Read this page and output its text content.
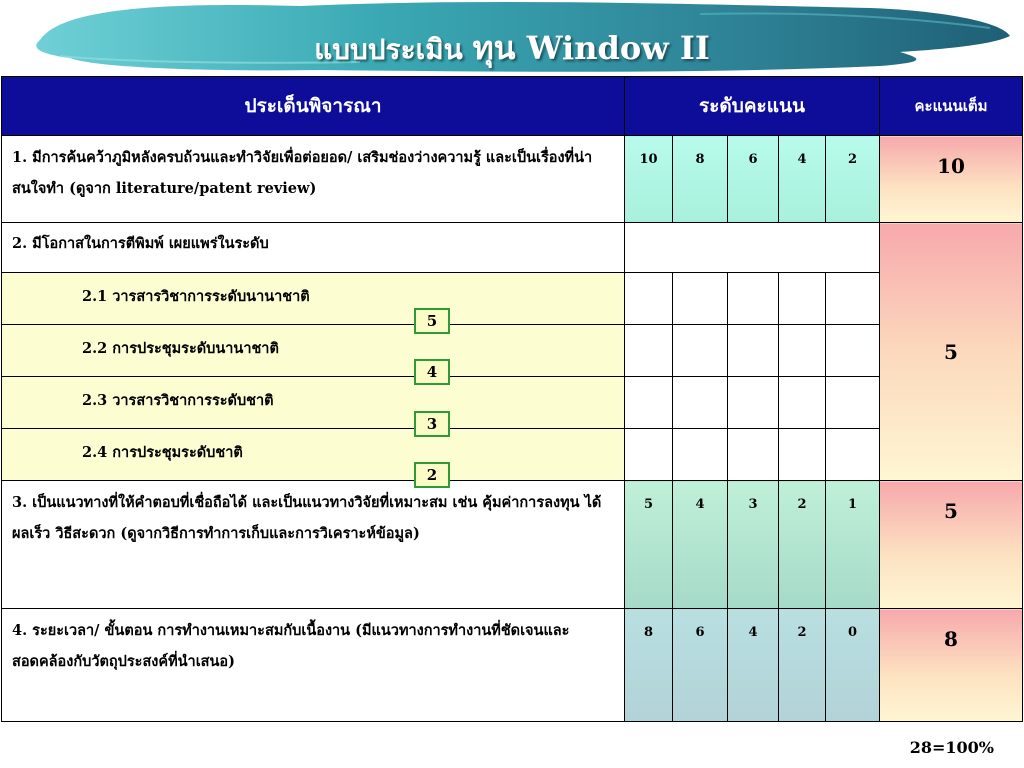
แบบประเมิน ทุน Window II
ประเด็นพิจารณา	ระดับคะแนน					คะแนนเต็ม
1. มีการค้นคว้าภูมิหลังครบถ้วนและทำวิจัยเพื่อต่อยอด/ เสริมช่องว่างความรู้ และเป็นเรื่องที่น่าสนใจทำ (ดูจาก literature/patent review)	10	8	6	4	2	10
2. มีโอกาสในการตีพิมพ์ เผยแพร่ในระดับ						5
2.1 วารสารวิชาการระดับนานาชาติ						
2.2 การประชุมระดับนานาชาติ						
2.3 วารสารวิชาการระดับชาติ						
2.4 การประชุมระดับชาติ						
3. เป็นแนวทางที่ให้คำตอบที่เชื่อถือได้ และเป็นแนวทางวิจัยที่เหมาะสม เช่น คุ้มค่าการลงทุน ได้ผลเร็ว วิธีสะดวก (ดูจากวิธีการทำการเก็บและการวิเคราะห์ข้อมูล)	5	4	3	2	1	5
4. ระยะเวลา/ ขั้นตอน การทำงานเหมาะสมกับเนื้องาน (มีแนวทางการทำงานที่ชัดเจนและสอดคล้องกับวัตถุประสงค์ที่นำเสนอ)	8	6	4	2	0	8
5
4
3
2
28=100%
